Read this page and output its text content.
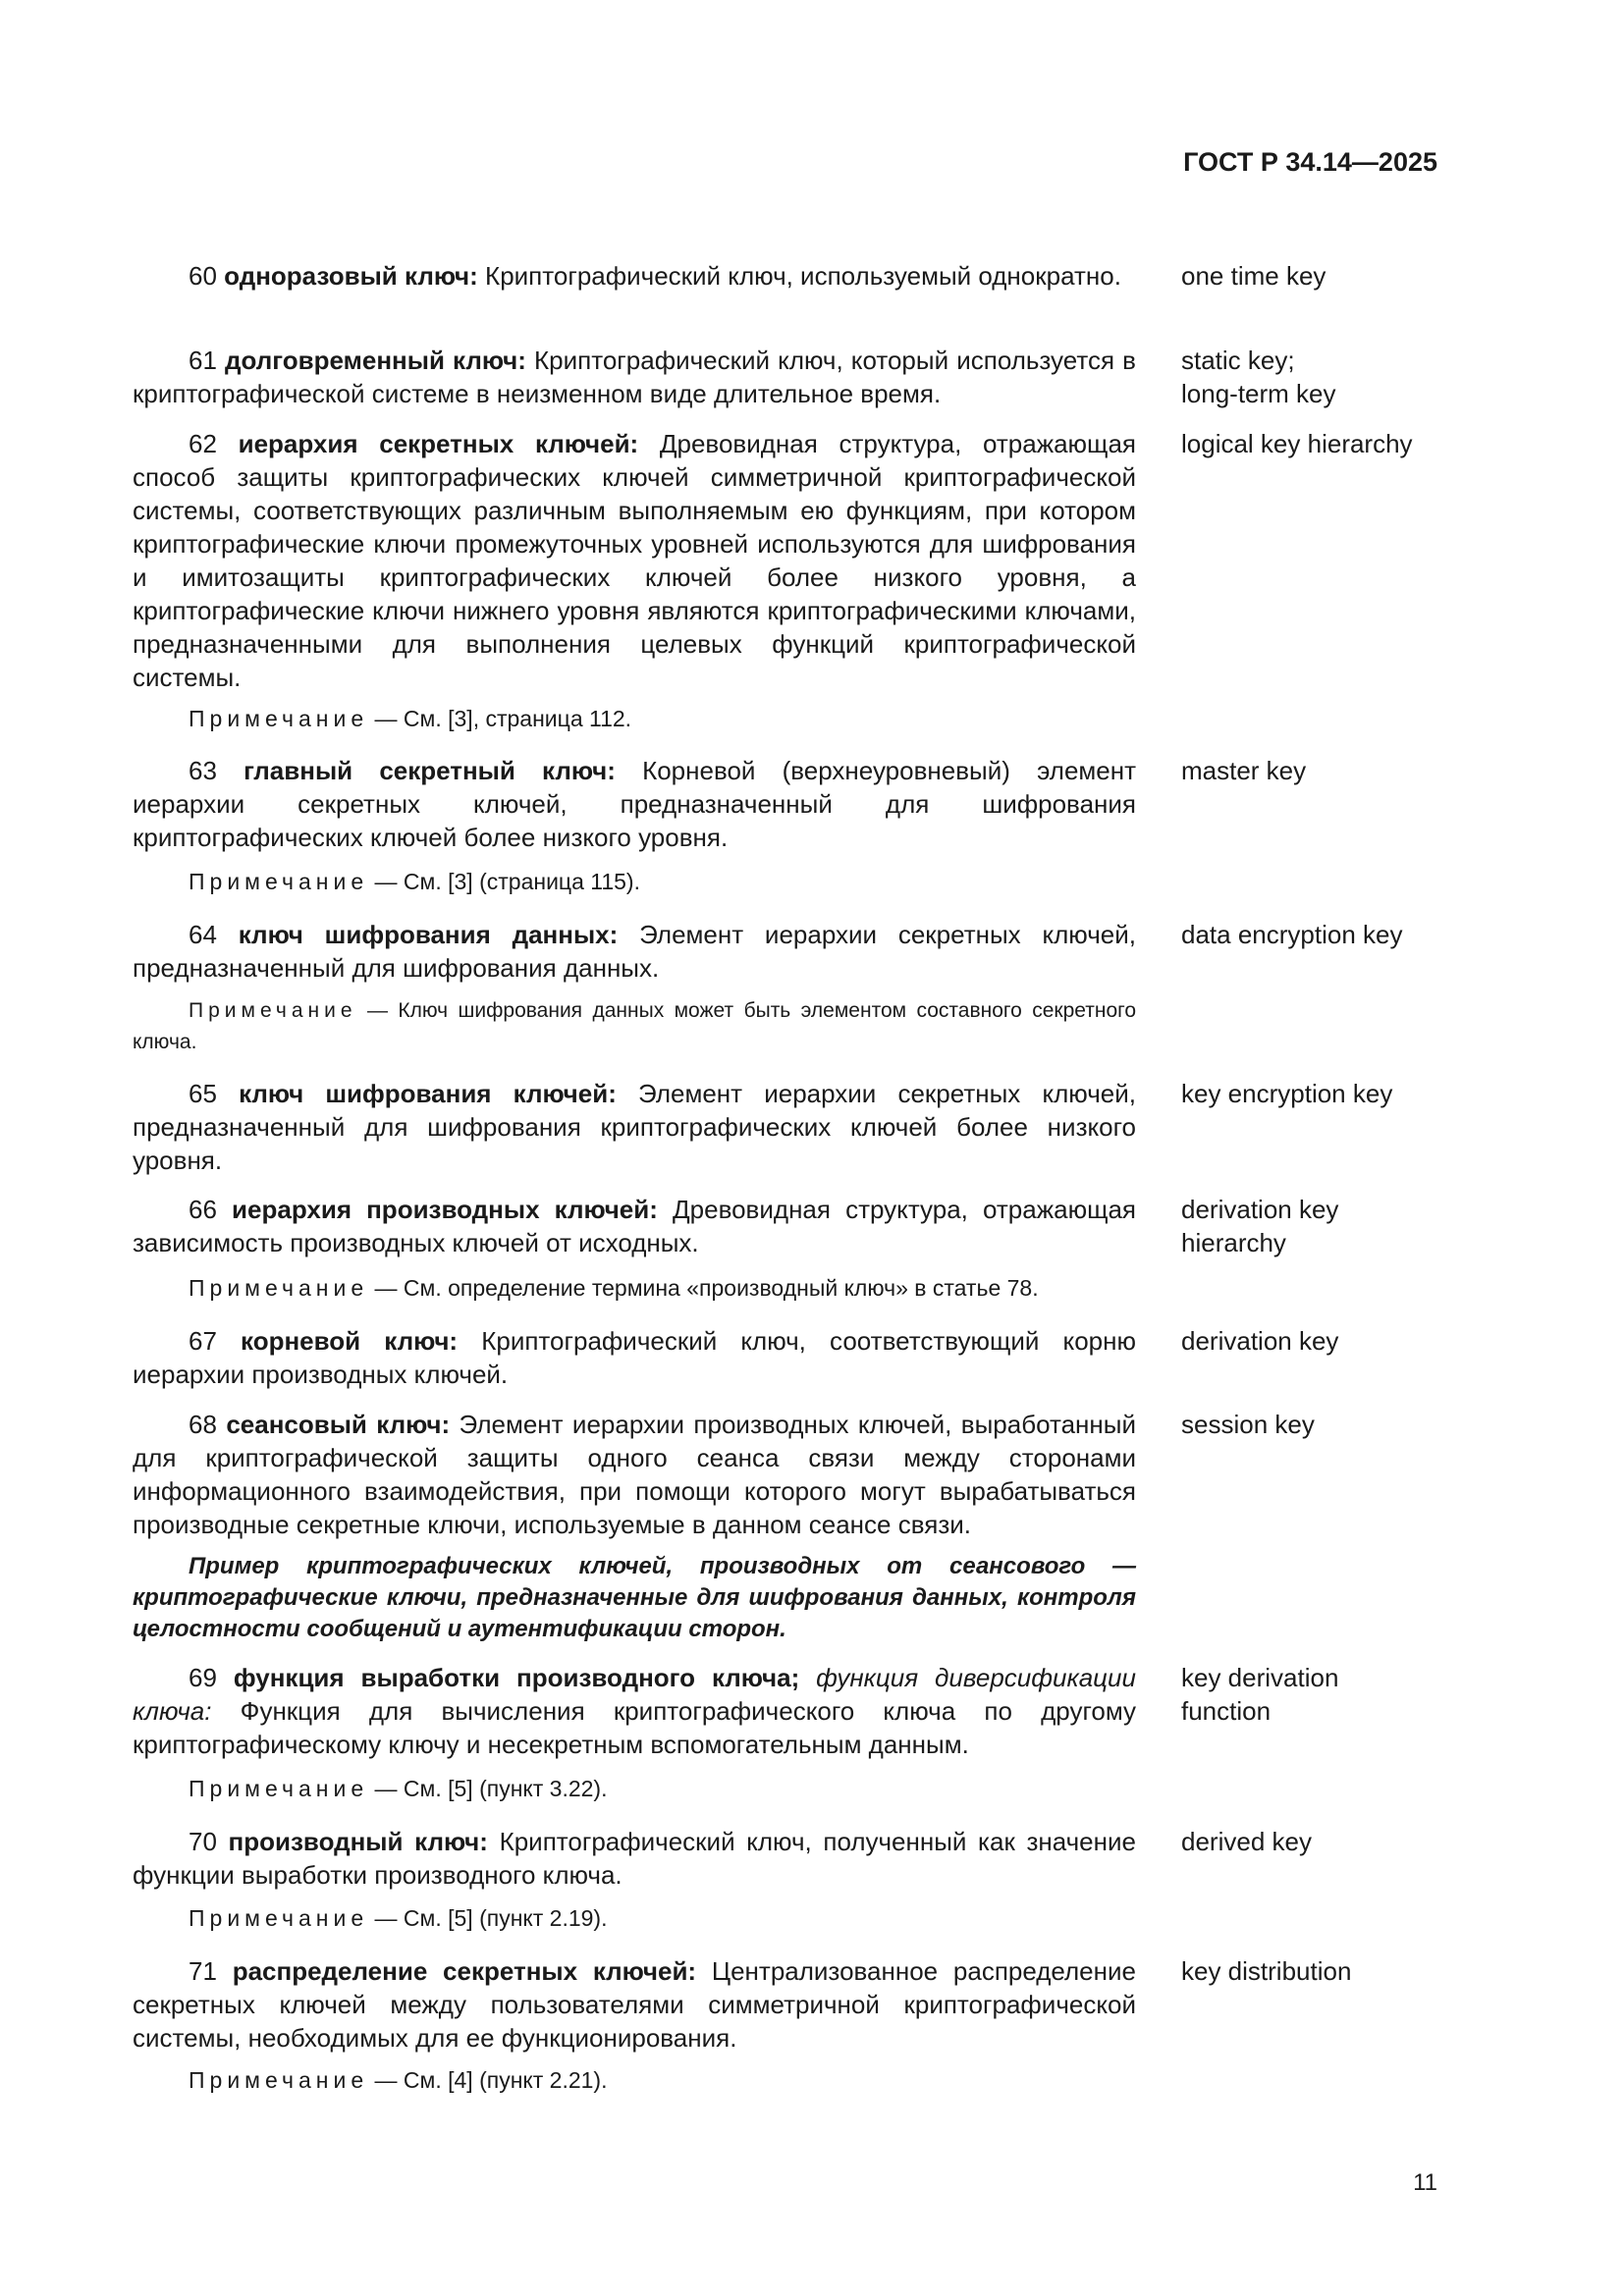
ГОСТ Р 34.14—2025
60 одноразовый ключ: Криптографический ключ, используемый однократно.	one time key
61 долговременный ключ: Криптографический ключ, который используется в криптографической системе в неизменном виде длительное время.
static key;
long-term key
62 иерархия секретных ключей: Древовидная структура, отражающая способ защиты криптографических ключей симметричной криптографической системы, соответствующих различным выполняемым ею функциям, при котором криптографические ключи промежуточных уровней используются для шифрования и имитозащиты криптографических ключей более низкого уровня, а криптографические ключи нижнего уровня являются криптографическими ключами, предназначенными для выполнения целевых функций криптографической системы.
logical key hierarchy
Примечание — См. [3], страница 112.
63 главный секретный ключ: Корневой (верхнеуровневый) элемент иерархии секретных ключей, предназначенный для шифрования криптографических ключей более низкого уровня.
master key
Примечание — См. [3] (страница 115).
64 ключ шифрования данных: Элемент иерархии секретных ключей, предназначенный для шифрования данных.
data encryption key
Примечание — Ключ шифрования данных может быть элементом составного секретного ключа.
65 ключ шифрования ключей: Элемент иерархии секретных ключей, предназначенный для шифрования криптографических ключей более низкого уровня.
key encryption key
66 иерархия производных ключей: Древовидная структура, отражающая зависимость производных ключей от исходных.
derivation key
hierarchy
Примечание — См. определение термина «производный ключ» в статье 78.
67 корневой ключ: Криптографический ключ, соответствующий корню иерархии производных ключей.
derivation key
68 сеансовый ключ: Элемент иерархии производных ключей, выработанный для криптографической защиты одного сеанса связи между сторонами информационного взаимодействия, при помощи которого могут вырабатываться производные секретные ключи, используемые в данном сеансе связи.
session key
Пример криптографических ключей, производных от сеансового — криптографические ключи, предназначенные для шифрования данных, контроля целостности сообщений и аутентификации сторон.
69 функция выработки производного ключа; функция диверсификации ключа: Функция для вычисления криптографического ключа по другому криптографическому ключу и несекретным вспомогательным данным.
key derivation
function
Примечание — См. [5] (пункт 3.22).
70 производный ключ: Криптографический ключ, полученный как значение функции выработки производного ключа.
derived key
Примечание — См. [5] (пункт 2.19).
71 распределение секретных ключей: Централизованное распределение секретных ключей между пользователями симметричной криптографической системы, необходимых для ее функционирования.
key distribution
Примечание — См. [4] (пункт 2.21).
11
